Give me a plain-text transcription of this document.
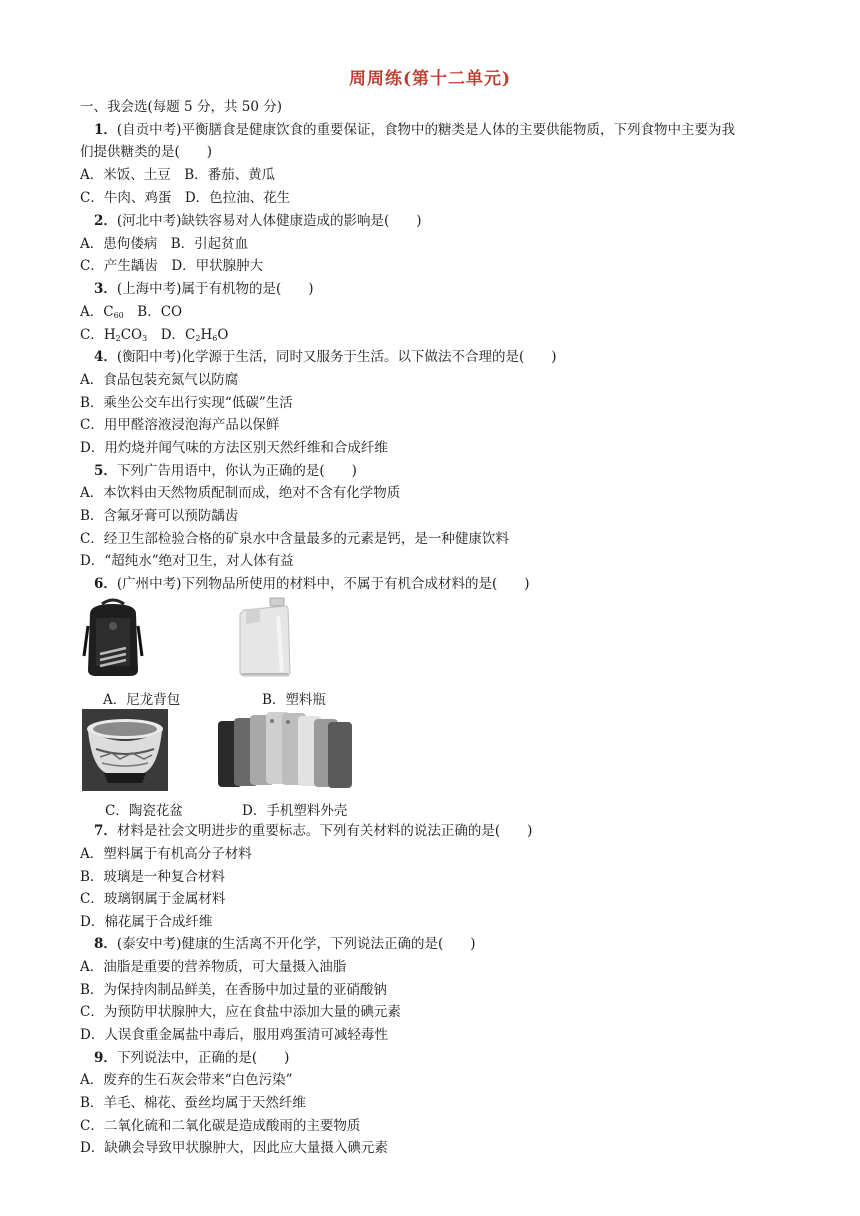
周周练(第十二单元)
一、我会选(每题 5 分，共 50 分)
1．(自贡中考)平衡膳食是健康饮食的重要保证，食物中的糖类是人体的主要供能物质，下列食物中主要为我
们提供糖类的是(　　)
A．米饭、土豆　B．番茄、黄瓜
C．牛肉、鸡蛋　D．色拉油、花生
2．(河北中考)缺铁容易对人体健康造成的影响是(　　)
A．患佝偻病　B．引起贫血
C．产生龋齿　D．甲状腺肿大
3．(上海中考)属于有机物的是(　　)
A．$C_{60}$　B．CO
C．$H_2CO_3$　D．$C_2H_6O$
4．(衡阳中考)化学源于生活，同时又服务于生活。以下做法不合理的是(　　)
A．食品包装充氮气以防腐
B．乘坐公交车出行实现“低碳”生活
C．用甲醛溶液浸泡海产品以保鲜
D．用灼烧并闻气味的方法区别天然纤维和合成纤维
5．下列广告用语中，你认为正确的是(　　)
A．本饮料由天然物质配制而成，绝对不含有化学物质
B．含氟牙膏可以预防龋齿
C．经卫生部检验合格的矿泉水中含量最多的元素是钙，是一种健康饮料
D．“超纯水”绝对卫生，对人体有益
6．(广州中考)下列物品所使用的材料中，不属于有机合成材料的是(　　)
A．尼龙背包	B．塑料瓶
C．陶瓷花盆	D．手机塑料外壳
7．材料是社会文明进步的重要标志。下列有关材料的说法正确的是(　　)
A．塑料属于有机高分子材料
B．玻璃是一种复合材料
C．玻璃钢属于金属材料
D．棉花属于合成纤维
8．(泰安中考)健康的生活离不开化学，下列说法正确的是(　　)
A．油脂是重要的营养物质，可大量摄入油脂
B．为保持肉制品鲜美，在香肠中加过量的亚硝酸钠
C．为预防甲状腺肿大，应在食盐中添加大量的碘元素
D．人误食重金属盐中毒后，服用鸡蛋清可减轻毒性
9．下列说法中，正确的是(　　)
A．废弃的生石灰会带来“白色污染”
B．羊毛、棉花、蚕丝均属于天然纤维
C．二氧化硫和二氧化碳是造成酸雨的主要物质
D．缺碘会导致甲状腺肿大，因此应大量摄入碘元素
